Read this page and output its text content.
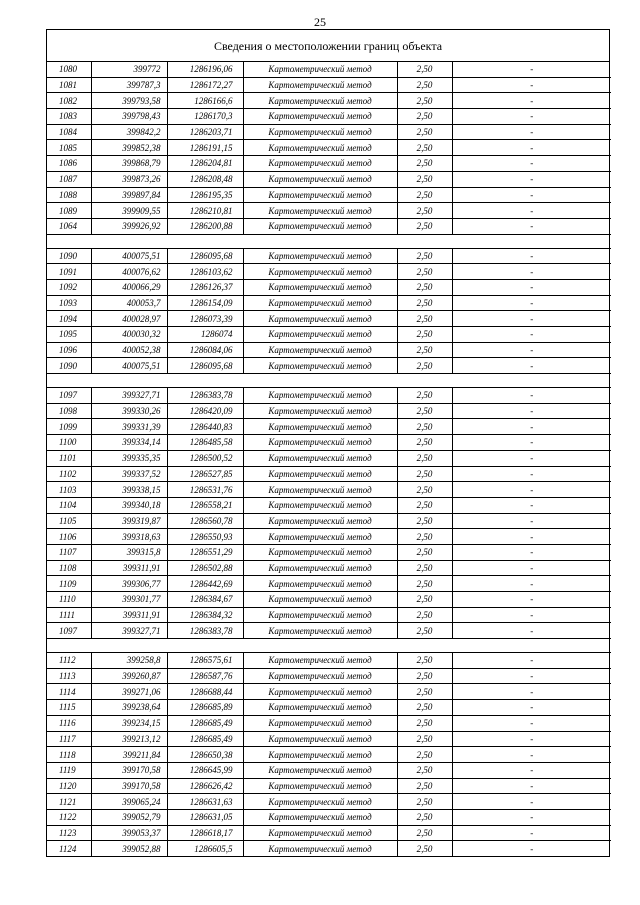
25
Сведения о местоположении границ объекта
1080	399772	1286196,06	Картометрический метод	2,50	-
1081	399787,3	1286172,27	Картометрический метод	2,50	-
1082	399793,58	1286166,6	Картометрический метод	2,50	-
1083	399798,43	1286170,3	Картометрический метод	2,50	-
1084	399842,2	1286203,71	Картометрический метод	2,50	-
1085	399852,38	1286191,15	Картометрический метод	2,50	-
1086	399868,79	1286204,81	Картометрический метод	2,50	-
1087	399873,26	1286208,48	Картометрический метод	2,50	-
1088	399897,84	1286195,35	Картометрический метод	2,50	-
1089	399909,55	1286210,81	Картометрический метод	2,50	-
1064	399926,92	1286200,88	Картометрический метод	2,50	-

1090	400075,51	1286095,68	Картометрический метод	2,50	-
1091	400076,62	1286103,62	Картометрический метод	2,50	-
1092	400066,29	1286126,37	Картометрический метод	2,50	-
1093	400053,7	1286154,09	Картометрический метод	2,50	-
1094	400028,97	1286073,39	Картометрический метод	2,50	-
1095	400030,32	1286074	Картометрический метод	2,50	-
1096	400052,38	1286084,06	Картометрический метод	2,50	-
1090	400075,51	1286095,68	Картометрический метод	2,50	-

1097	399327,71	1286383,78	Картометрический метод	2,50	-
1098	399330,26	1286420,09	Картометрический метод	2,50	-
1099	399331,39	1286440,83	Картометрический метод	2,50	-
1100	399334,14	1286485,58	Картометрический метод	2,50	-
1101	399335,35	1286500,52	Картометрический метод	2,50	-
1102	399337,52	1286527,85	Картометрический метод	2,50	-
1103	399338,15	1286531,76	Картометрический метод	2,50	-
1104	399340,18	1286558,21	Картометрический метод	2,50	-
1105	399319,87	1286560,78	Картометрический метод	2,50	-
1106	399318,63	1286550,93	Картометрический метод	2,50	-
1107	399315,8	1286551,29	Картометрический метод	2,50	-
1108	399311,91	1286502,88	Картометрический метод	2,50	-
1109	399306,77	1286442,69	Картометрический метод	2,50	-
1110	399301,77	1286384,67	Картометрический метод	2,50	-
1111	399311,91	1286384,32	Картометрический метод	2,50	-
1097	399327,71	1286383,78	Картометрический метод	2,50	-

1112	399258,8	1286575,61	Картометрический метод	2,50	-
1113	399260,87	1286587,76	Картометрический метод	2,50	-
1114	399271,06	1286688,44	Картометрический метод	2,50	-
1115	399238,64	1286685,89	Картометрический метод	2,50	-
1116	399234,15	1286685,49	Картометрический метод	2,50	-
1117	399213,12	1286685,49	Картометрический метод	2,50	-
1118	399211,84	1286650,38	Картометрический метод	2,50	-
1119	399170,58	1286645,99	Картометрический метод	2,50	-
1120	399170,58	1286626,42	Картометрический метод	2,50	-
1121	399065,24	1286631,63	Картометрический метод	2,50	-
1122	399052,79	1286631,05	Картометрический метод	2,50	-
1123	399053,37	1286618,17	Картометрический метод	2,50	-
1124	399052,88	1286605,5	Картометрический метод	2,50	-
